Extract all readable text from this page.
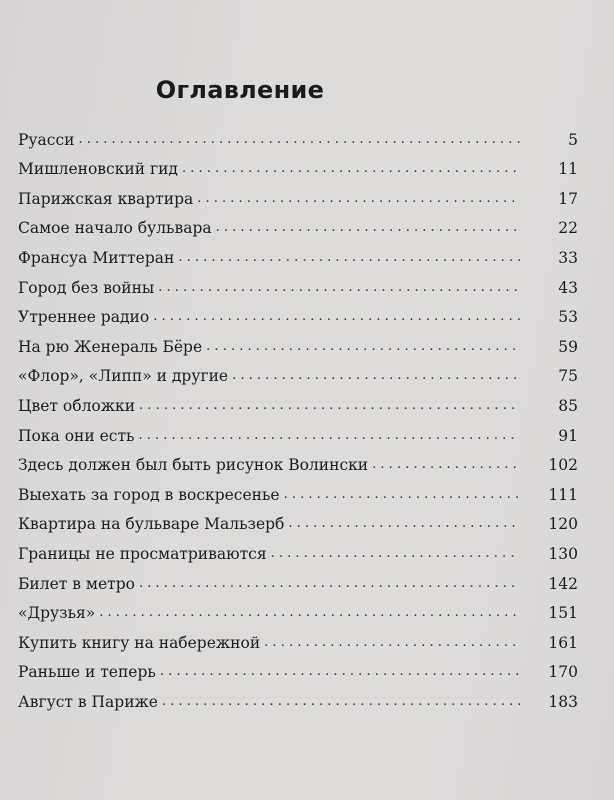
Оглавление
Руасси . . .	5
Мишленовский гид . . .	11
Парижская квартира . . .	17
Самое начало бульвара . . .	22
Франсуа Миттеран . . .	33
Город без войны . . .	43
Утреннее радио . . .	53
На рю Женераль Бёре . . .	59
«Флор», «Липп» и другие . . .	75
Цвет обложки . . .	85
Пока они есть . . .	91
Здесь должен был быть рисунок Волински . . .	102
Выехать за город в воскресенье . . .	111
Квартира на бульваре Мальзерб . . .	120
Границы не просматриваются . . .	130
Билет в метро . . .	142
«Друзья» . . .	151
Купить книгу на набережной . . .	161
Раньше и теперь . . .	170
Август в Париже . . .	183
